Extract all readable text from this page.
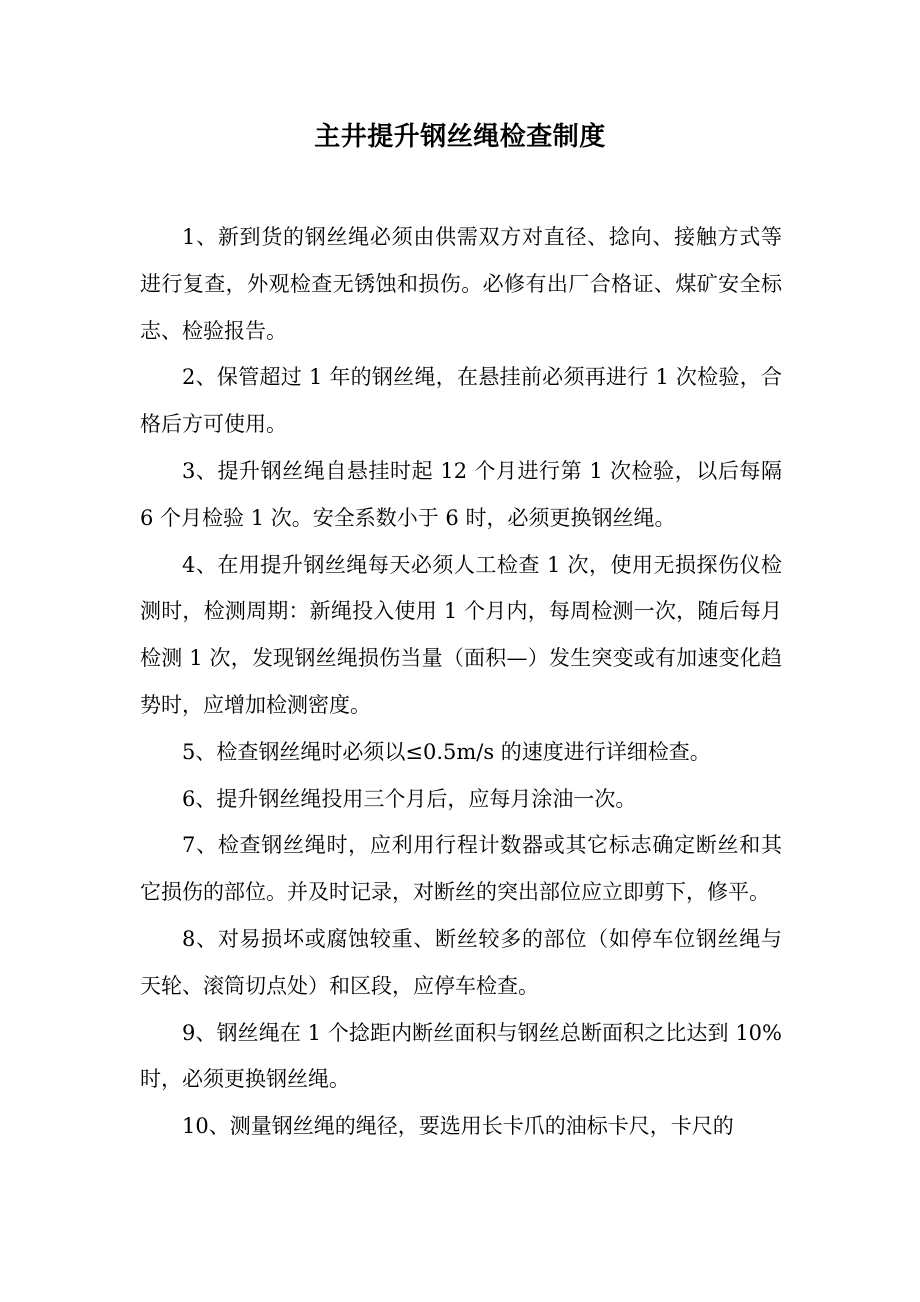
主井提升钢丝绳检查制度

1、新到货的钢丝绳必须由供需双方对直径、捻向、接触方式等进行复查，外观检查无锈蚀和损伤。必修有出厂合格证、煤矿安全标志、检验报告。

2、保管超过 1 年的钢丝绳，在悬挂前必须再进行 1 次检验，合格后方可使用。

3、提升钢丝绳自悬挂时起 12 个月进行第 1 次检验，以后每隔 6 个月检验 1 次。安全系数小于 6 时，必须更换钢丝绳。

4、在用提升钢丝绳每天必须人工检查 1 次，使用无损探伤仪检测时，检测周期：新绳投入使用 1 个月内，每周检测一次，随后每月检测 1 次，发现钢丝绳损伤当量（面积—）发生突变或有加速变化趋势时，应增加检测密度。

5、检查钢丝绳时必须以≤0.5m/s 的速度进行详细检查。

6、提升钢丝绳投用三个月后，应每月涂油一次。

7、检查钢丝绳时，应利用行程计数器或其它标志确定断丝和其它损伤的部位。并及时记录，对断丝的突出部位应立即剪下，修平。

8、对易损坏或腐蚀较重、断丝较多的部位（如停车位钢丝绳与天轮、滚筒切点处）和区段，应停车检查。

9、钢丝绳在 1 个捻距内断丝面积与钢丝总断面积之比达到 10%时，必须更换钢丝绳。

10、测量钢丝绳的绳径，要选用长卡爪的油标卡尺，卡尺的
